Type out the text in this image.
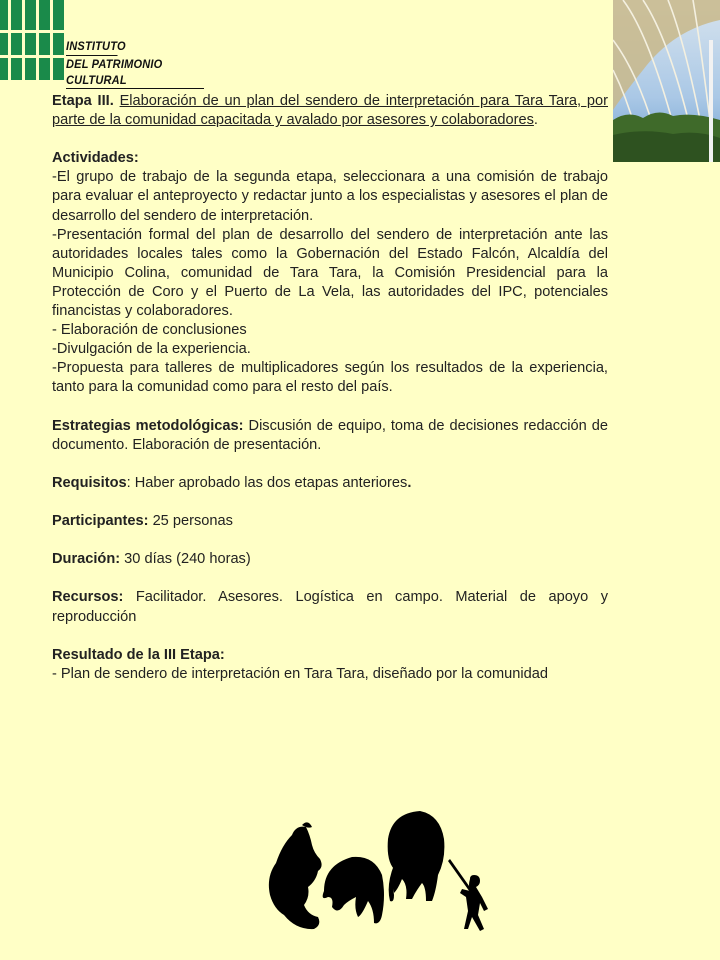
INSTITUTO
DEL PATRIMONIO CULTURAL

Etapa III. Elaboración de un plan del sendero de interpretación para Tara Tara, por parte de la comunidad capacitada y avalado por asesores y colaboradores.

Actividades:

-El grupo de trabajo de la segunda etapa, seleccionara a una comisión de trabajo para evaluar el anteproyecto y redactar junto a los especialistas y asesores el plan de desarrollo del sendero de interpretación.

-Presentación formal del plan de desarrollo del sendero de interpretación ante las autoridades locales tales como la Gobernación del Estado Falcón, Alcaldía del Municipio Colina, comunidad de Tara Tara, la Comisión Presidencial para la Protección de Coro y el Puerto de La Vela, las autoridades del IPC, potenciales financistas y colaboradores.

- Elaboración de conclusiones

-Divulgación de la experiencia.

-Propuesta para talleres de multiplicadores según los resultados de la experiencia, tanto para la comunidad como para el resto del país.

Estrategias metodológicas: Discusión de equipo, toma de decisiones redacción de documento. Elaboración de presentación.

Requisitos: Haber aprobado las dos etapas anteriores.

Participantes: 25 personas

Duración: 30 días (240 horas)

Recursos: Facilitador. Asesores. Logística en campo. Material de apoyo y reproducción

Resultado de la III Etapa:

- Plan de sendero de interpretación en Tara Tara, diseñado por la comunidad
